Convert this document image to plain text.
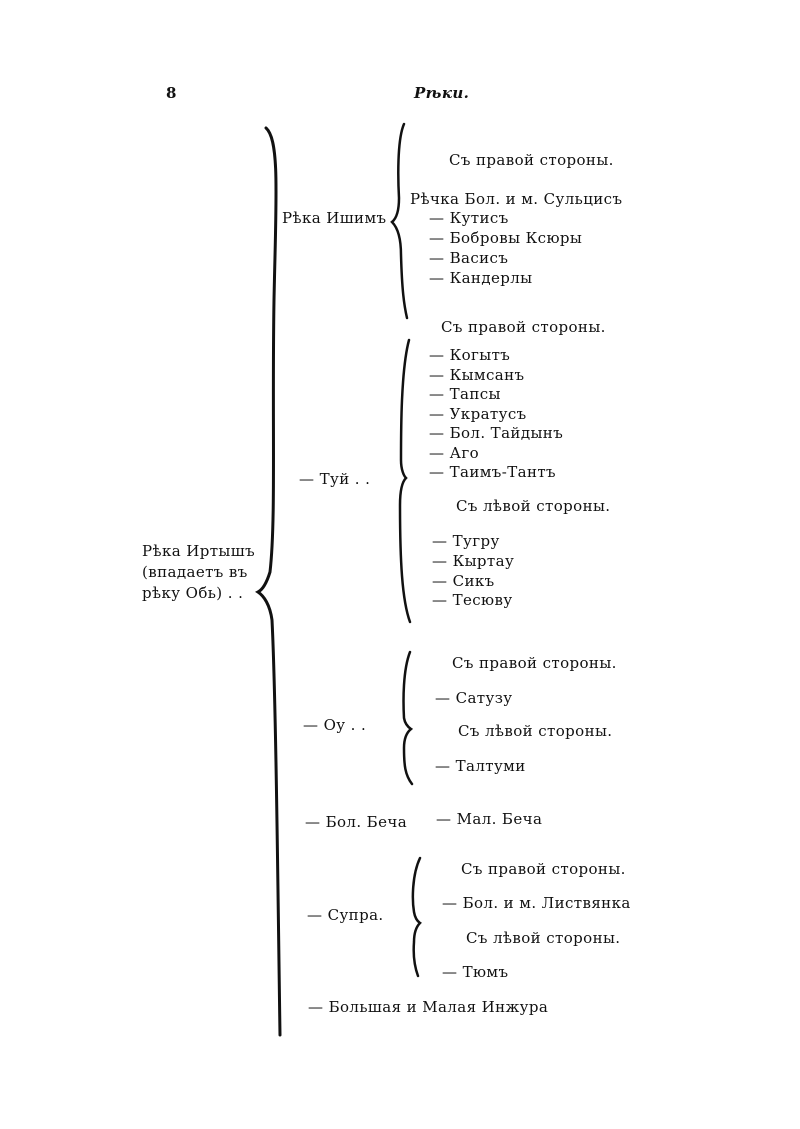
8	Рѣки.
Рѣка Иртышъ
(впадаетъ въ
рѣку Обь) . .
Рѣка Ишимъ
Съ правой стороны.
Рѣчка Бол. и м. Сульцисъ
— Кутисъ
— Бобровы Ксюры
— Васисъ
— Кандерлы
— Туй . .
Съ правой стороны.
— Когытъ
— Кымсанъ
— Тапсы
— Укратусъ
— Бол. Тайдынъ
— Аго
— Таимъ-Тантъ
Съ лѣвой стороны.
— Тугру
— Кыртау
— Сикъ
— Тесюву
— Оу . .
Съ правой стороны.
— Сатузу
Съ лѣвой стороны.
— Талтуми
— Бол. Беча — Мал. Беча
— Супра.
Съ правой стороны.
— Бол. и м. Листвянка
Съ лѣвой стороны.
— Тюмъ
— Большая и Малая Инжура
